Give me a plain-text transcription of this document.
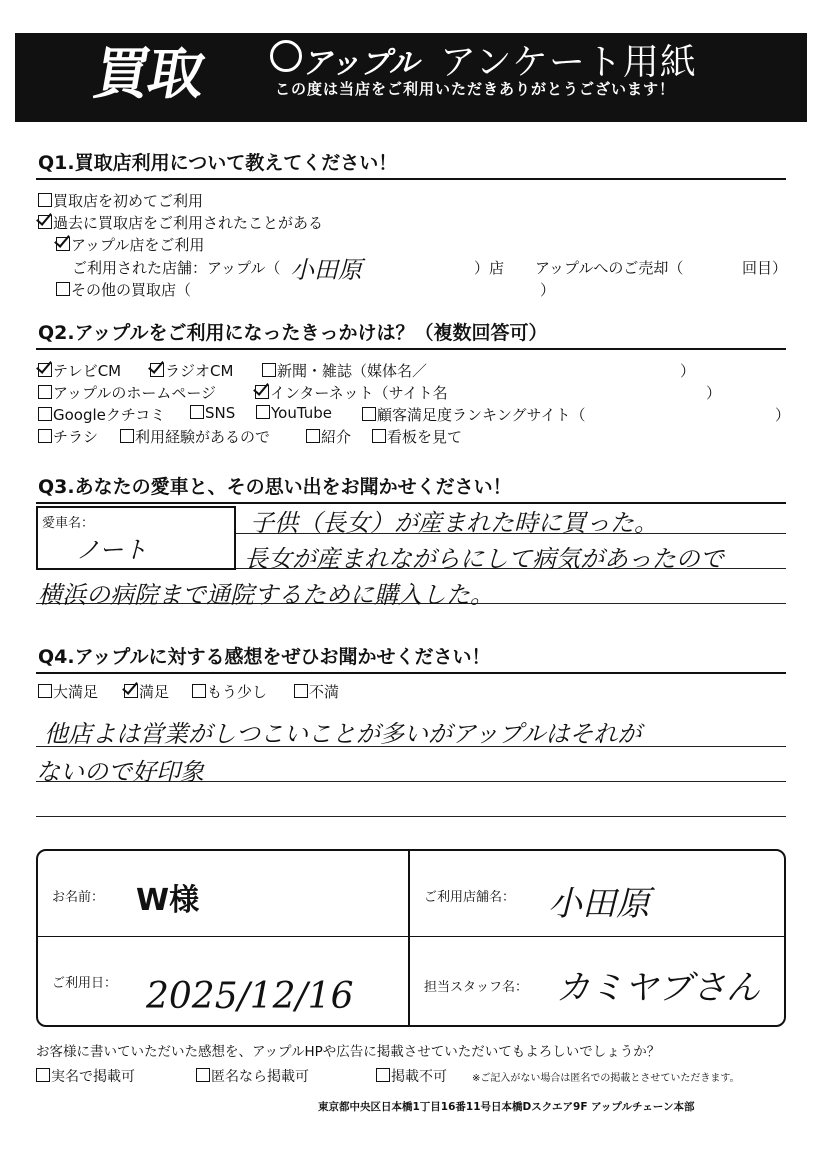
買取	アップル アンケート用紙
この度は当店をご利用いただきありがとうございます！
Q1.買取店利用について教えてください！
買取店を初めてご利用
過去に買取店をご利用されたことがある
アップル店をご利用
ご利用された店舗：アップル（ 小田原	）店 アップルへのご売却（	回目）
その他の買取店（	）
Q2.アップルをご利用になったきっかけは？（複数回答可）
テレビCM	ラジオCM	新聞・雑誌（媒体名／	）
アップルのホームページ	インターネット（サイト名	）
Googleクチコミ	SNS	YouTube	顧客満足度ランキングサイト（	）
チラシ	利用経験があるので	紹介	看板を見て
Q3.あなたの愛車と、その思い出をお聞かせください！
愛車名：
ノート
子供（長女）が産まれた時に買った。
長女が産まれながらにして病気があったので
横浜の病院まで通院するために購入した。
Q4.アップルに対する感想をぜひお聞かせください！
大満足	満足	もう少し	不満
他店よは営業がしつこいことが多いがアップルはそれが
ないので好印象
お名前： W様	ご利用店舗名： 小田原
ご利用日： 2025/12/16	担当スタッフ名： カミヤブさん
お客様に書いていただいた感想を、アップルHPや広告に掲載させていただいてもよろしいでしょうか？
実名で掲載可	匿名なら掲載可	掲載不可	※ご記入がない場合は匿名での掲載とさせていただきます。
東京都中央区日本橋1丁目16番11号日本橋Dスクエア9F アップルチェーン本部
